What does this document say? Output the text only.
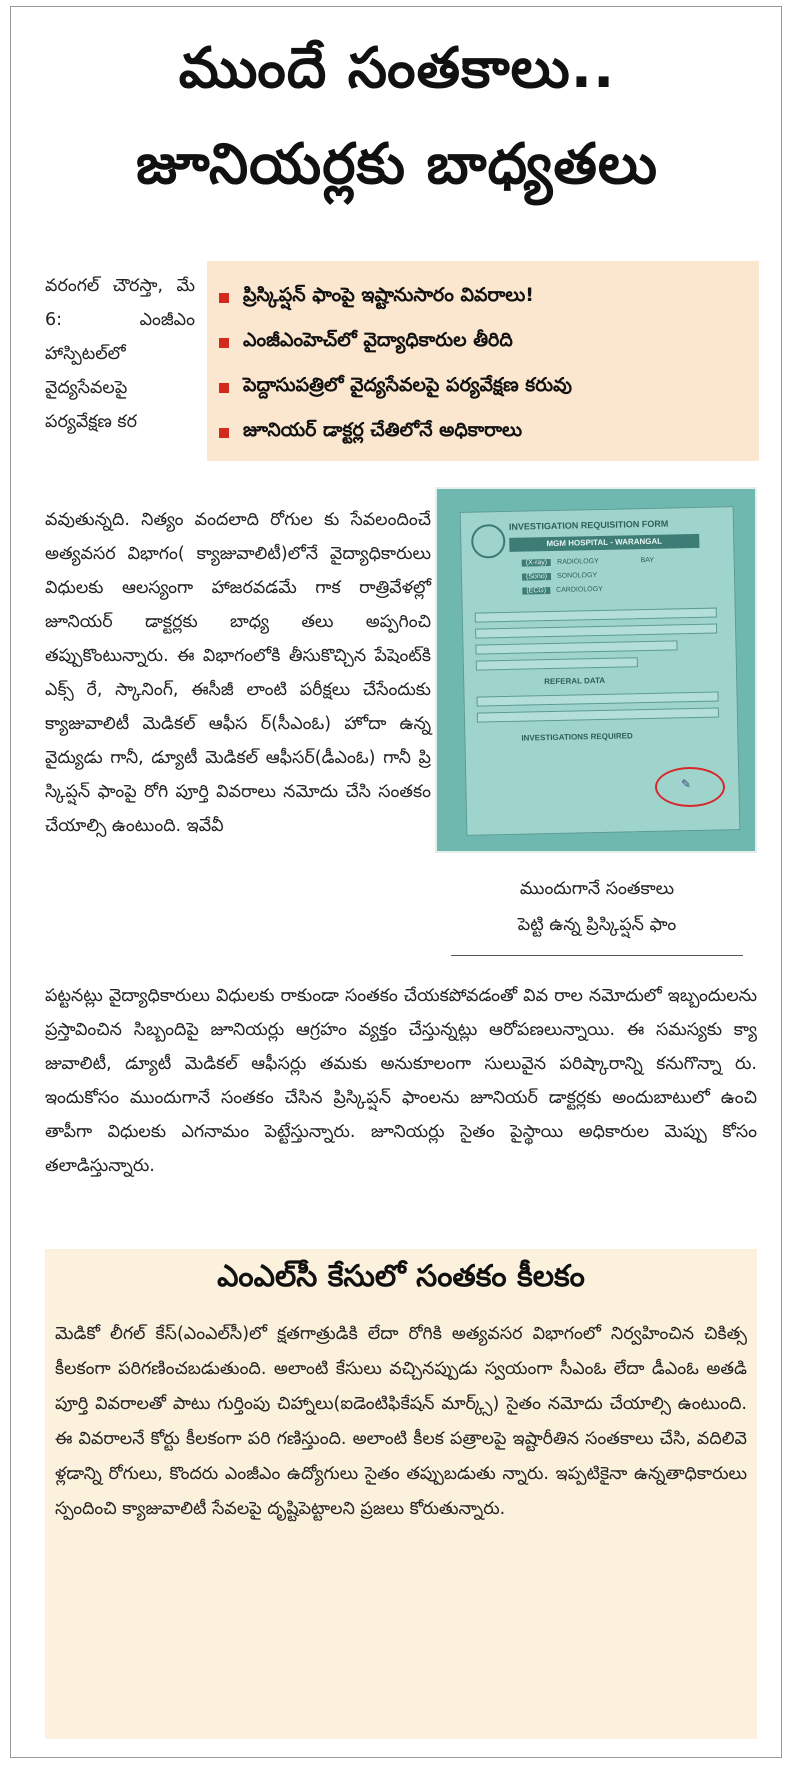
ముందే సంతకాలు..
జూనియర్లకు బాధ్యతలు
వరంగల్ చౌరస్తా, మే 6: ఎంజీఎం హాస్పిటల్‌లో వైద్యసేవలపై పర్యవేక్షణ కర
ప్రిస్కిప్షన్ ఫాంపై ఇష్టానుసారం వివరాలు!
ఎంజీఎంహెచ్‌లో వైద్యాధికారుల తీరిది
పెద్దాసుపత్రిలో వైద్యసేవలపై పర్యవేక్షణ కరువు
జూనియర్ డాక్టర్ల చేతిలోనే అధికారాలు
వవుతున్నది. నిత్యం వందలాది రోగుల కు సేవలందించే అత్యవసర విభాగం( క్యాజువాలిటీ)లోనే వైద్యాధికారులు విధులకు ఆలస్యంగా హాజరవడమే గాక రాత్రివేళల్లో జూనియర్ డాక్టర్లకు బాధ్య తలు అప్పగించి తప్పుకొంటున్నారు. ఈ విభాగంలోకి తీసుకొచ్చిన పేషెంట్‌కి ఎక్స్ రే, స్కానింగ్, ఈసీజీ లాంటి పరీక్షలు చేసేందుకు క్యాజువాలిటీ మెడికల్ ఆఫీస ర్(సీఎంఓ) హోదా ఉన్న వైద్యుడు గానీ, డ్యూటీ మెడికల్ ఆఫీసర్(డీఎంఓ) గానీ ప్రి స్కిప్షన్ ఫాంపై రోగి పూర్తి వివరాలు నమోదు చేసి సంతకం చేయాల్సి ఉంటుంది. ఇవేవీ
INVESTIGATION REQUISITION FORM
MGM HOSPITAL - WARANGAL
(X-ray) RADIOLOGY	BAY
(Sono) SONOLOGY
(ECG) CARDIOLOGY
REFERAL DATA
INVESTIGATIONS REQUIRED
✎
ముందుగానే సంతకాలు
పెట్టి ఉన్న ప్రిస్కిప్షన్ ఫాం
పట్టనట్లు వైద్యాధికారులు విధులకు రాకుండా సంతకం చేయకపోవడంతో వివ రాల నమోదులో ఇబ్బందులను ప్రస్తావించిన సిబ్బందిపై జూనియర్లు ఆగ్రహం వ్యక్తం చేస్తున్నట్లు ఆరోపణలున్నాయి. ఈ సమస్యకు క్యా జువాలిటీ, డ్యూటీ మెడికల్ ఆఫీసర్లు తమకు అనుకూలంగా సులువైన పరిష్కారాన్ని కనుగొన్నా రు. ఇందుకోసం ముందుగానే సంతకం చేసిన ప్రిస్కిప్షన్ ఫాంలను జూనియర్ డాక్టర్లకు అందుబాటులో ఉంచి తాపీగా విధులకు ఎగనామం పెట్టేస్తున్నారు. జూనియర్లు సైతం పైస్థాయి అధికారుల మెప్పు కోసం తలాడిస్తున్నారు.
ఎంఎల్‌సీ కేసులో సంతకం కీలకం
మెడికో లీగల్ కేస్(ఎంఎల్‌సీ)లో క్షతగాత్రుడికి లేదా రోగికి అత్యవసర విభాగంలో నిర్వహించిన చికిత్స కీలకంగా పరిగణించబడుతుంది. అలాంటి కేసులు వచ్చినప్పుడు స్వయంగా సీఎంఓ లేదా డీఎంఓ అతడి పూర్తి వివరాలతో పాటు గుర్తింపు చిహ్నాలు(ఐడెంటిఫికేషన్ మార్క్స్) సైతం నమోదు చేయాల్సి ఉంటుంది. ఈ వివరాలనే కోర్టు కీలకంగా పరి గణిస్తుంది. అలాంటి కీలక పత్రాలపై ఇష్టారీతిన సంతకాలు చేసి, వదిలివె ళ్లడాన్ని రోగులు, కొందరు ఎంజీఎం ఉద్యోగులు సైతం తప్పుబడుతు న్నారు. ఇప్పటికైనా ఉన్నతాధికారులు స్పందించి క్యాజువాలిటీ సేవలపై దృష్టిపెట్టాలని ప్రజలు కోరుతున్నారు.
